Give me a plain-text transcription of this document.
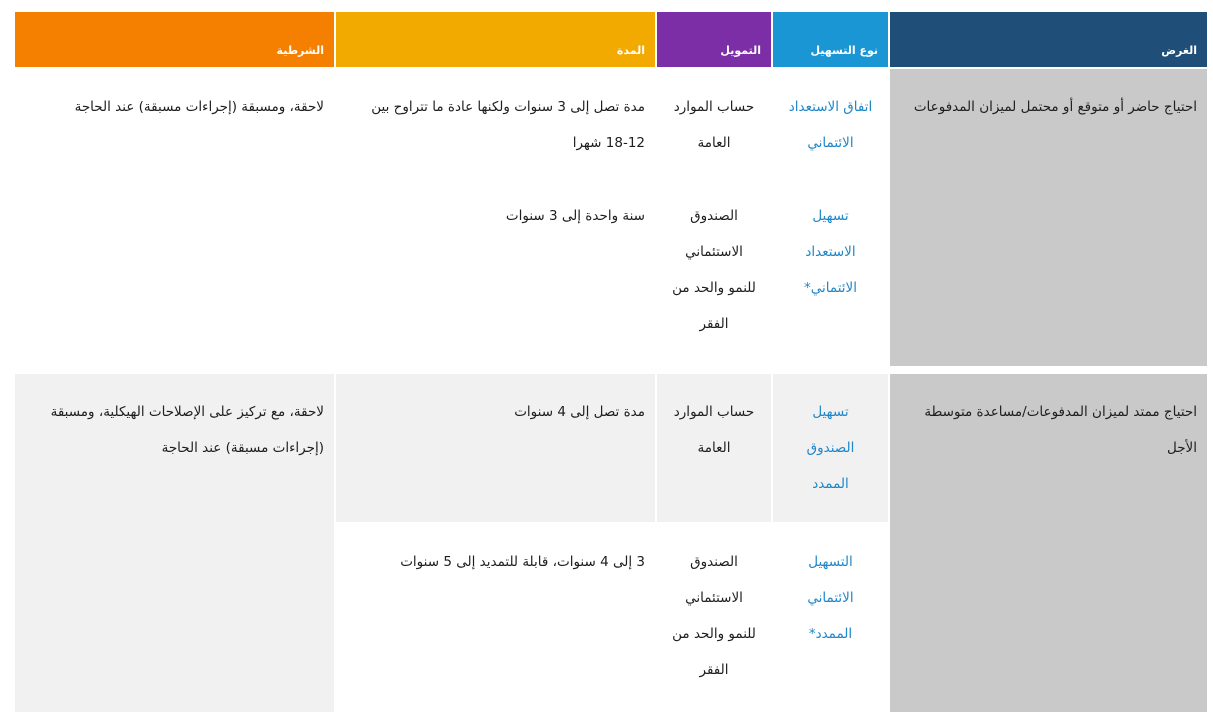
الغرض
نوع التسهيل
التمويل
المدة
الشرطية
احتياج حاضر أو متوقع أو محتمل لميزان المدفوعات
اتفاق الاستعداد
الائتماني
حساب الموارد
العامة
مدة تصل إلى 3 سنوات ولكنها عادة ما تتراوح بين 12-18 شهرا
تسهيل
الاستعداد
الائتماني*
الصندوق
الاستئماني
للنمو والحد من
الفقر
سنة واحدة إلى 3 سنوات
لاحقة، ومسبقة (إجراءات مسبقة) عند الحاجة
احتياج ممتد لميزان المدفوعات/مساعدة متوسطة الأجل
تسهيل
الصندوق
الممدد
حساب الموارد
العامة
مدة تصل إلى 4 سنوات
التسهيل
الائتماني
الممدد*
الصندوق
الاستئماني
للنمو والحد من
الفقر
3 إلى 4 سنوات، قابلة للتمديد إلى 5 سنوات
لاحقة، مع تركيز على الإصلاحات الهيكلية، ومسبقة (إجراءات مسبقة) عند الحاجة
